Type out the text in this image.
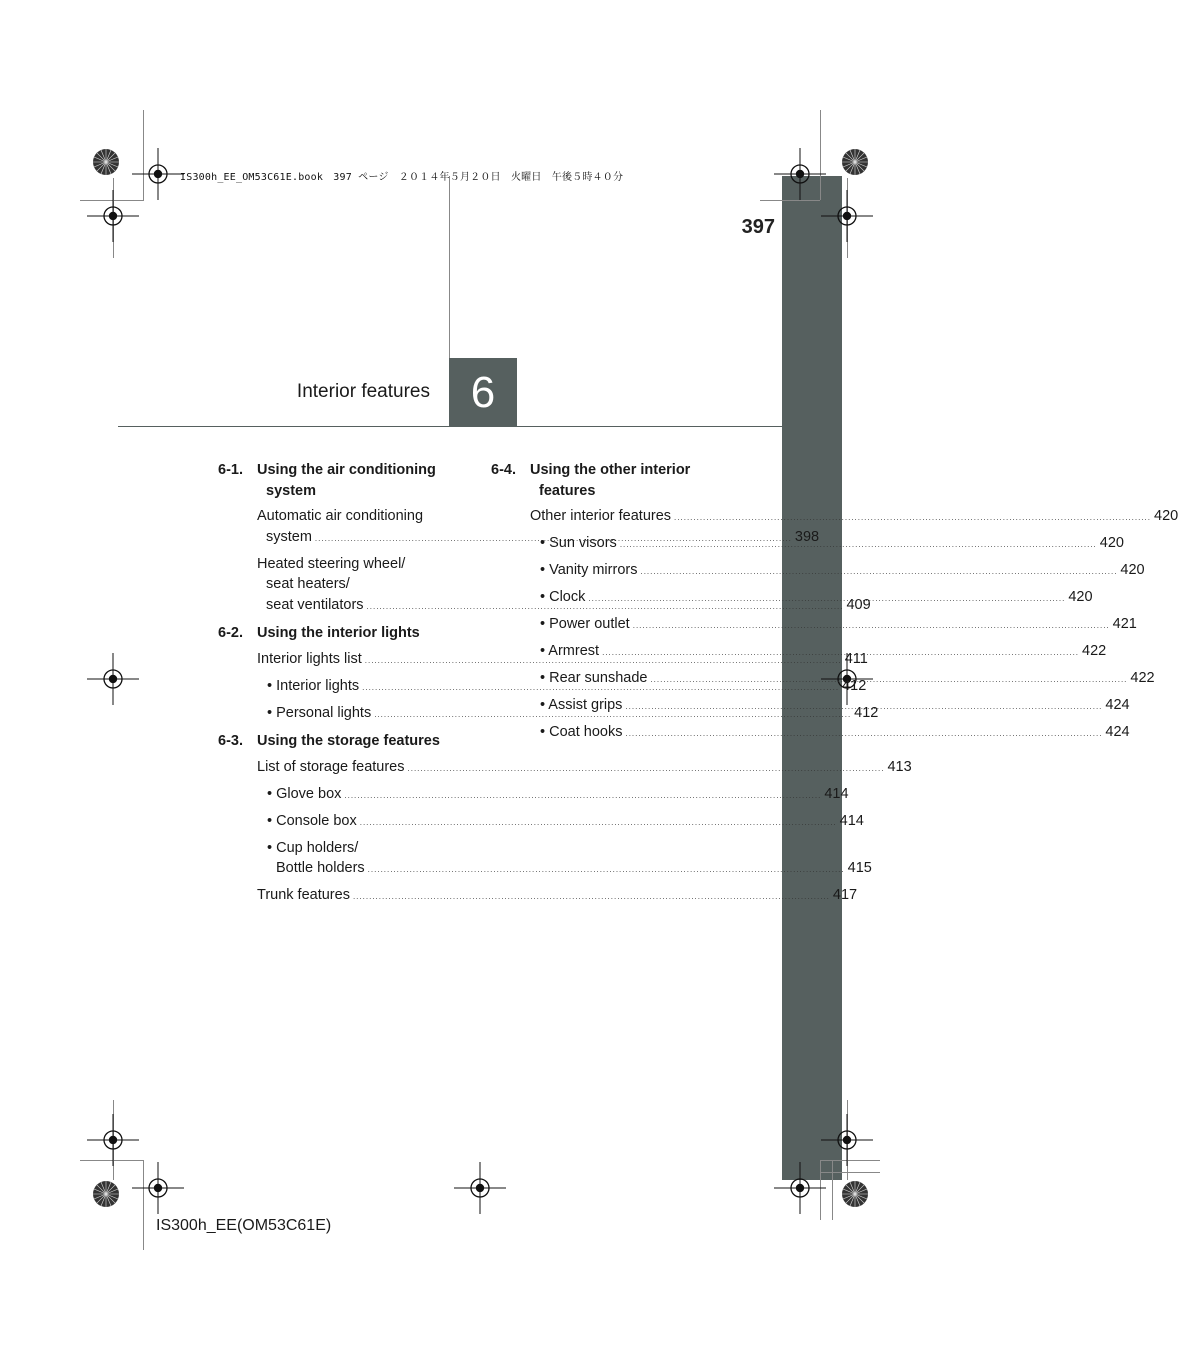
IS300h_EE_OM53C61E.book　397 ページ　２０１４年５月２０日　火曜日　午後５時４０分
397
Interior features 6
6-1. Using the air conditioning
system
Automatic air conditioning
system .....	398
Heated steering wheel/
seat heaters/
seat ventilators .....	409
6-2. Using the interior lights
Interior lights list .....	411
• Interior lights .....	412
• Personal lights .....	412
6-3. Using the storage features
List of storage features .....	413
• Glove box .....	414
• Console box .....	414
• Cup holders/
Bottle holders .....	415
Trunk features .....	417
6-4. Using the other interior
features
Other interior features .....	420
• Sun visors .....	420
• Vanity mirrors .....	420
• Clock .....	420
• Power outlet .....	421
• Armrest .....	422
• Rear sunshade .....	422
• Assist grips .....	424
• Coat hooks .....	424
IS300h_EE(OM53C61E)
